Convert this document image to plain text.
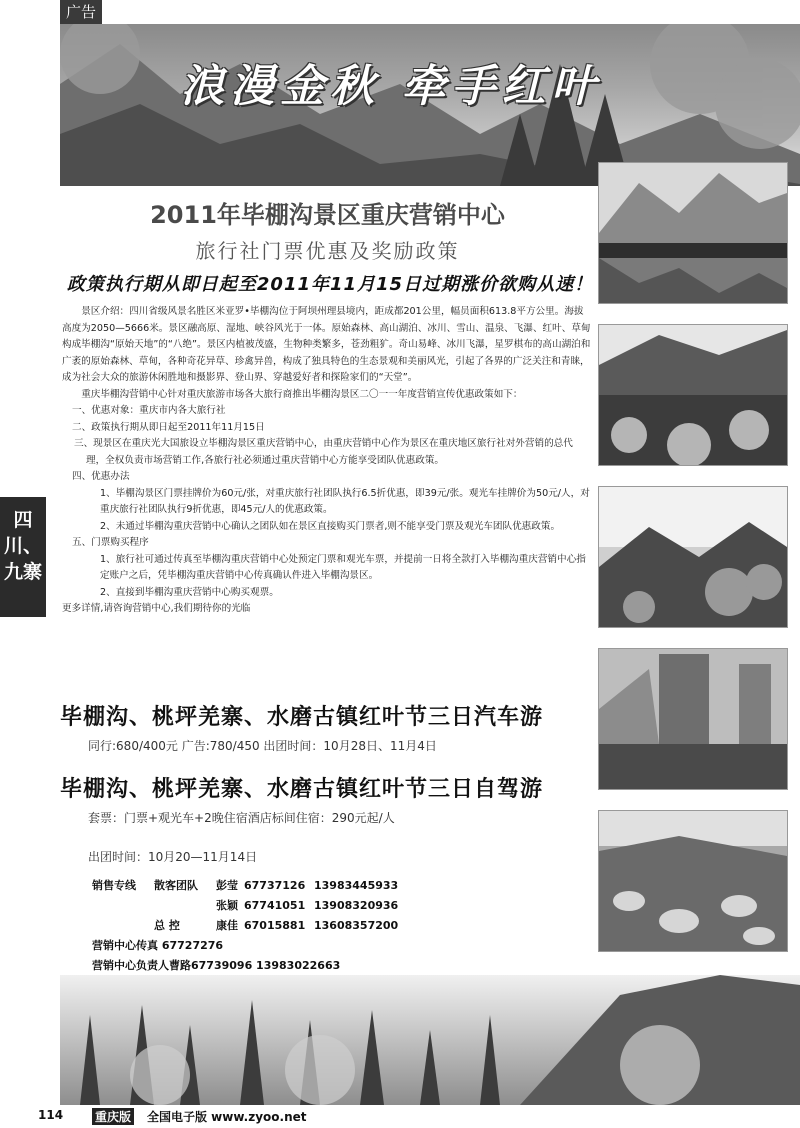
广告
浪漫金秋 牵手红叶
四川、
九寨
2011年毕棚沟景区重庆营销中心
旅行社门票优惠及奖励政策
政策执行期从即日起至2011年11月15日过期涨价欲购从速！

景区介绍：四川省级风景名胜区米亚罗•毕棚沟位于阿坝州理县境内，距成都201公里，幅员面积613.8平方公里。海拔高度为2050—5666米。景区融高原、湿地、峡谷风光于一体。原始森林、高山湖泊、冰川、雪山、温泉、飞瀑、红叶、草甸构成毕棚沟“原始天地”的“八绝”。景区内植被茂盛，生物种类繁多，苍劲粗犷。奇山易峰、冰川飞瀑，星罗棋布的高山湖泊和广袤的原始森林、草甸，各种奇花异草、珍禽异兽，构成了独具特色的生态景观和美丽风光，引起了各界的广泛关注和青睐，成为社会大众的旅游休闲胜地和摄影界、登山界、穿越爱好者和探险家们的“天堂”。

重庆毕棚沟营销中心针对重庆旅游市场各大旅行商推出毕棚沟景区二〇一一年度营销宣传优惠政策如下：

一、优惠对象：重庆市内各大旅行社

二、政策执行期从即日起至2011年11月15日

三、现景区在重庆光大国旅设立毕棚沟景区重庆营销中心，由重庆营销中心作为景区在重庆地区旅行社对外营销的总代理，全权负责市场营销工作,各旅行社必须通过重庆营销中心方能享受团队优惠政策。

四、优惠办法

1、毕棚沟景区门票挂牌价为60元/张，对重庆旅行社团队执行6.5折优惠，即39元/张。观光车挂牌价为50元/人，对重庆旅行社团队执行9折优惠，即45元/人的优惠政策。

2、未通过毕棚沟重庆营销中心确认之团队如在景区直接购买门票者,则不能享受门票及观光车团队优惠政策。

五、门票购买程序

1、旅行社可通过传真至毕棚沟重庆营销中心处预定门票和观光车票，并提前一日将全款打入毕棚沟重庆营销中心指定账户之后，凭毕棚沟重庆营销中心传真确认件进入毕棚沟景区。

2、直接到毕棚沟重庆营销中心购买观票。

更多详情,请咨询营销中心,我们期待你的光临

毕棚沟、桃坪羌寨、水磨古镇红叶节三日汽车游
同行:680/400元 广告:780/450 出团时间：10月28日、11月4日
毕棚沟、桃坪羌寨、水磨古镇红叶节三日自驾游
套票：门票+观光车+2晚住宿酒店标间住宿：290元起/人
出团时间：10月20—11月14日
销售专线 散客团队 彭莹 67737126 13983445933
张颖 67741051 13908320936
总 控	康佳 67015881 13608357200
营销中心传真 67727276
营销中心负责人曹路67739096 13983022663
114	重庆版 全国电子版 www.zyoo.net
